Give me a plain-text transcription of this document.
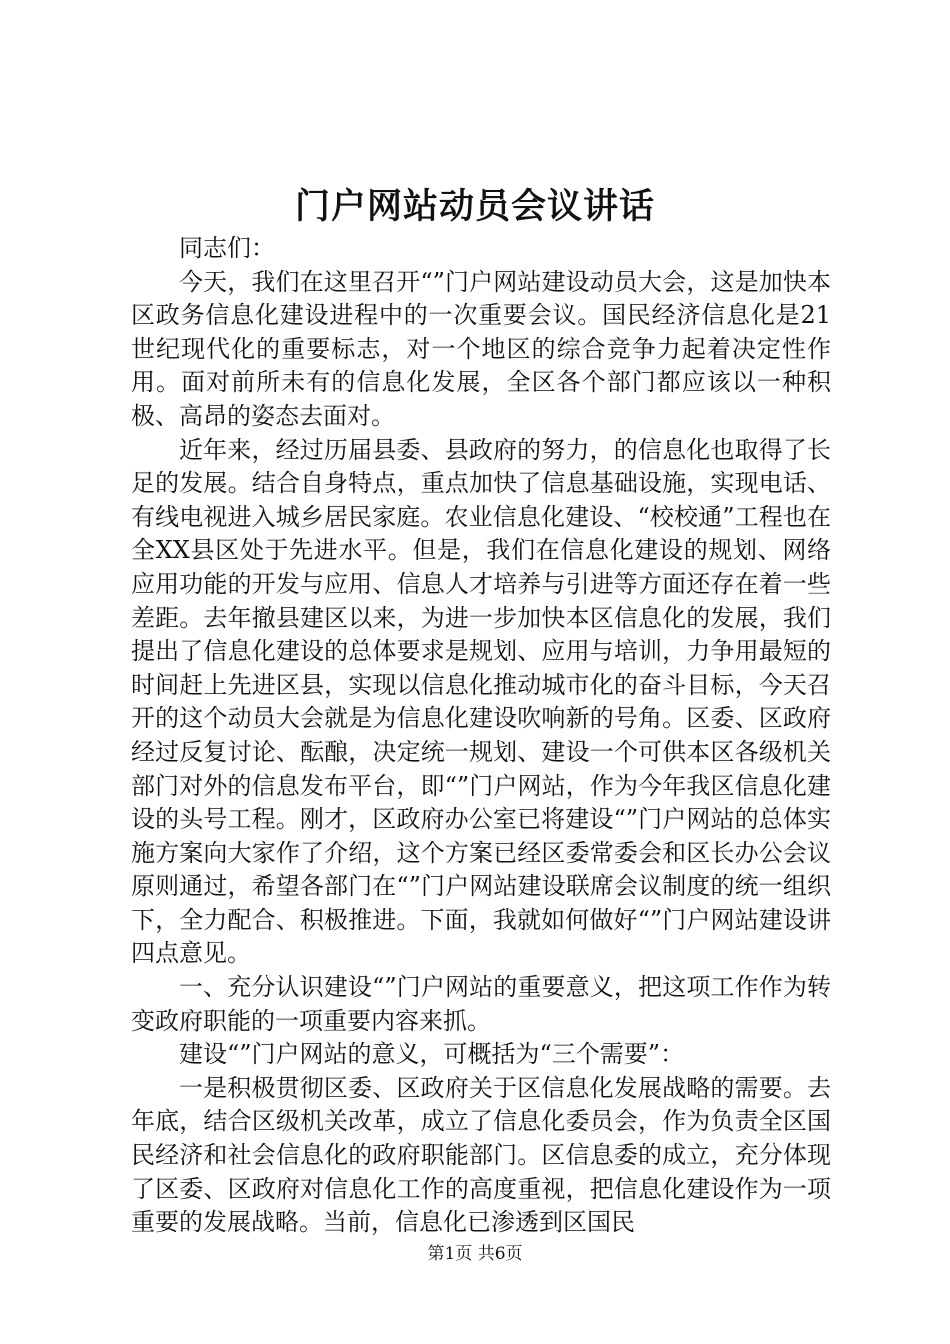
门户网站动员会议讲话

同志们：

今天，我们在这里召开“”门户网站建设动员大会，这是加快本区政务信息化建设进程中的一次重要会议。国民经济信息化是21世纪现代化的重要标志，对一个地区的综合竞争力起着决定性作用。面对前所未有的信息化发展，全区各个部门都应该以一种积极、高昂的姿态去面对。

近年来，经过历届县委、县政府的努力，的信息化也取得了长足的发展。结合自身特点，重点加快了信息基础设施，实现电话、有线电视进入城乡居民家庭。农业信息化建设、“校校通”工程也在全XX县区处于先进水平。但是，我们在信息化建设的规划、网络应用功能的开发与应用、信息人才培养与引进等方面还存在着一些差距。去年撤县建区以来，为进一步加快本区信息化的发展，我们提出了信息化建设的总体要求是规划、应用与培训，力争用最短的时间赶上先进区县，实现以信息化推动城市化的奋斗目标，今天召开的这个动员大会就是为信息化建设吹响新的号角。区委、区政府经过反复讨论、酝酿，决定统一规划、建设一个可供本区各级机关部门对外的信息发布平台，即“”门户网站，作为今年我区信息化建设的头号工程。刚才，区政府办公室已将建设“”门户网站的总体实施方案向大家作了介绍，这个方案已经区委常委会和区长办公会议原则通过，希望各部门在“”门户网站建设联席会议制度的统一组织下，全力配合、积极推进。下面，我就如何做好“”门户网站建设讲四点意见。

一、充分认识建设“”门户网站的重要意义，把这项工作作为转变政府职能的一项重要内容来抓。

建设“”门户网站的意义，可概括为“三个需要”：

一是积极贯彻区委、区政府关于区信息化发展战略的需要。去年底，结合区级机关改革，成立了信息化委员会，作为负责全区国民经济和社会信息化的政府职能部门。区信息委的成立，充分体现了区委、区政府对信息化工作的高度重视，把信息化建设作为一项重要的发展战略。当前，信息化已渗透到区国民

第1页 共6页
